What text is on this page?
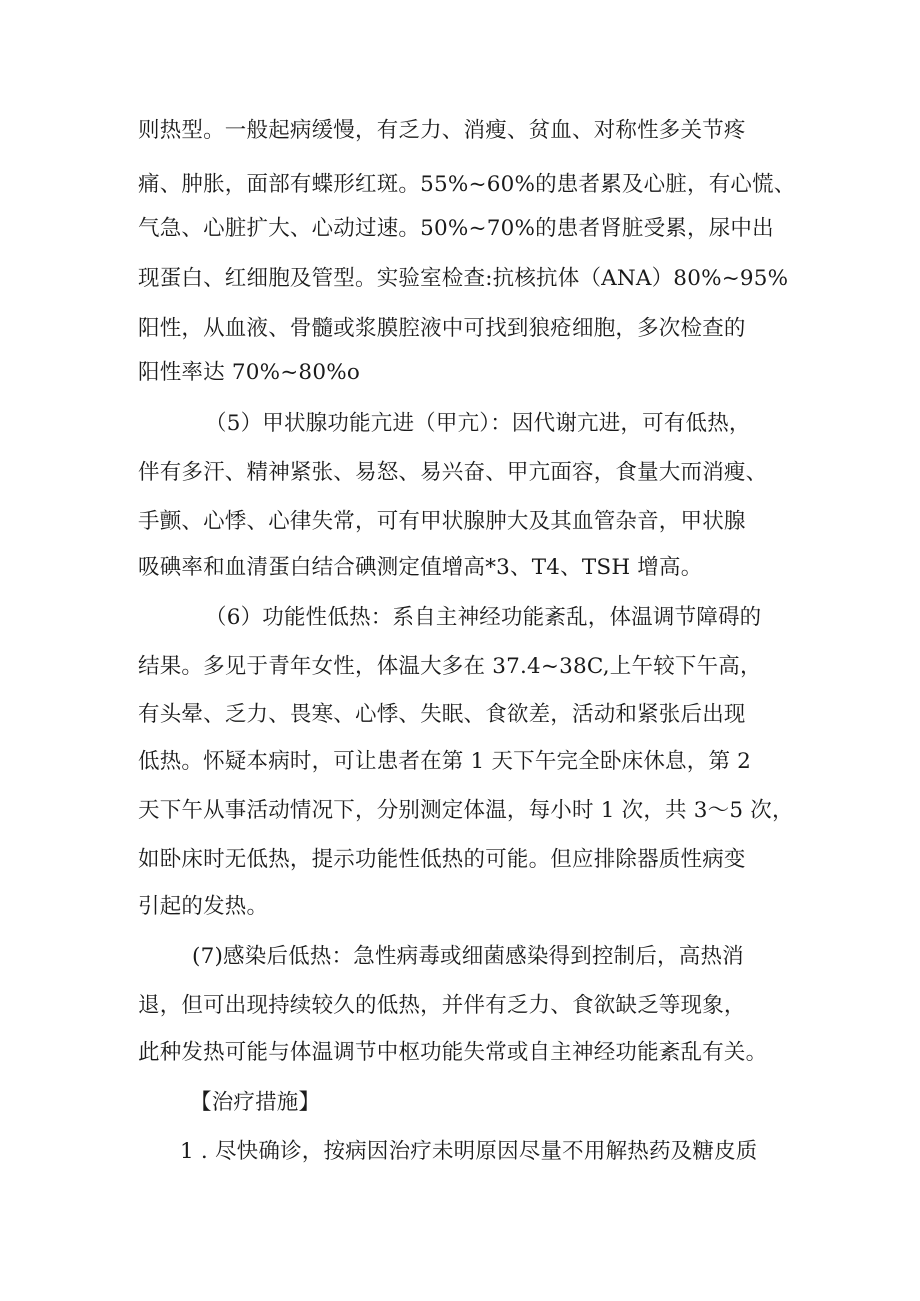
则热型。一般起病缓慢，有乏力、消瘦、贫血、对称性多关节疼

痛、肿胀，面部有蝶形红斑。55%~60%的患者累及心脏，有心慌、

气急、心脏扩大、心动过速。50%~70%的患者肾脏受累，尿中出

现蛋白、红细胞及管型。实验室检查:抗核抗体（ANA）80%~95%

阳性，从血液、骨髓或浆膜腔液中可找到狼疮细胞，多次检查的

阳性率达 70%~80%o

（5）甲状腺功能亢进（甲亢）：因代谢亢进，可有低热，

伴有多汗、精神紧张、易怒、易兴奋、甲亢面容，食量大而消瘦、

手颤、心悸、心律失常，可有甲状腺肿大及其血管杂音，甲状腺

吸碘率和血清蛋白结合碘测定值增高*3、T4、TSH 增高。

（6）功能性低热：系自主神经功能紊乱，体温调节障碍的

结果。多见于青年女性，体温大多在 37.4~38C,上午较下午高，

有头晕、乏力、畏寒、心悸、失眠、食欲差，活动和紧张后出现

低热。怀疑本病时，可让患者在第 1 天下午完全卧床休息，第 2

天下午从事活动情况下，分别测定体温，每小时 1 次，共 3～5 次，

如卧床时无低热，提示功能性低热的可能。但应排除器质性病变

引起的发热。

(7)感染后低热：急性病毒或细菌感染得到控制后，高热消

退，但可出现持续较久的低热，并伴有乏力、食欲缺乏等现象，

此种发热可能与体温调节中枢功能失常或自主神经功能紊乱有关。

【治疗措施】

1 . 尽快确诊，按病因治疗未明原因尽量不用解热药及糖皮质
